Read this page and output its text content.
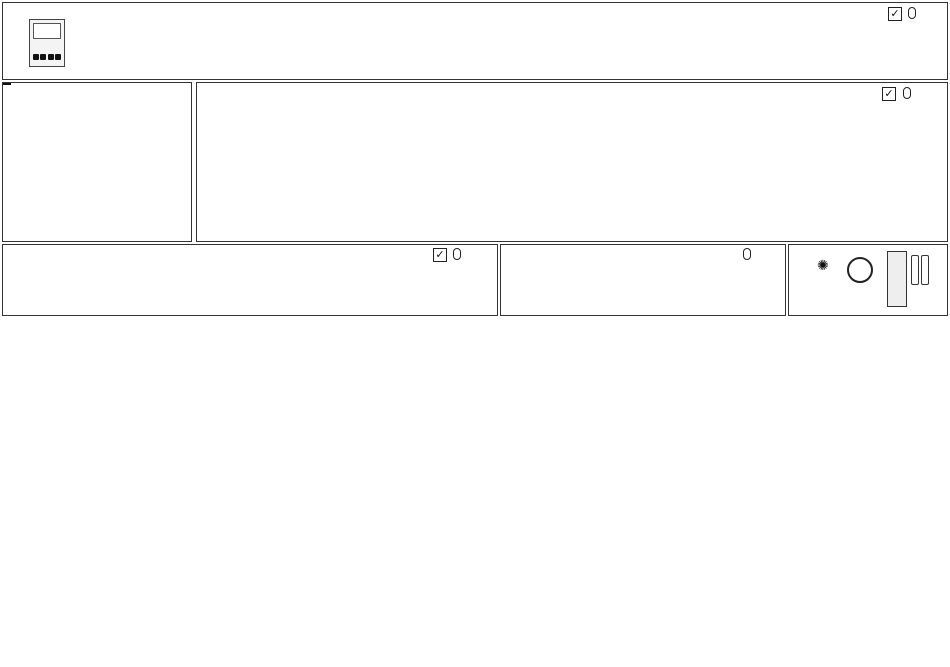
✓
✓
✓
✺
